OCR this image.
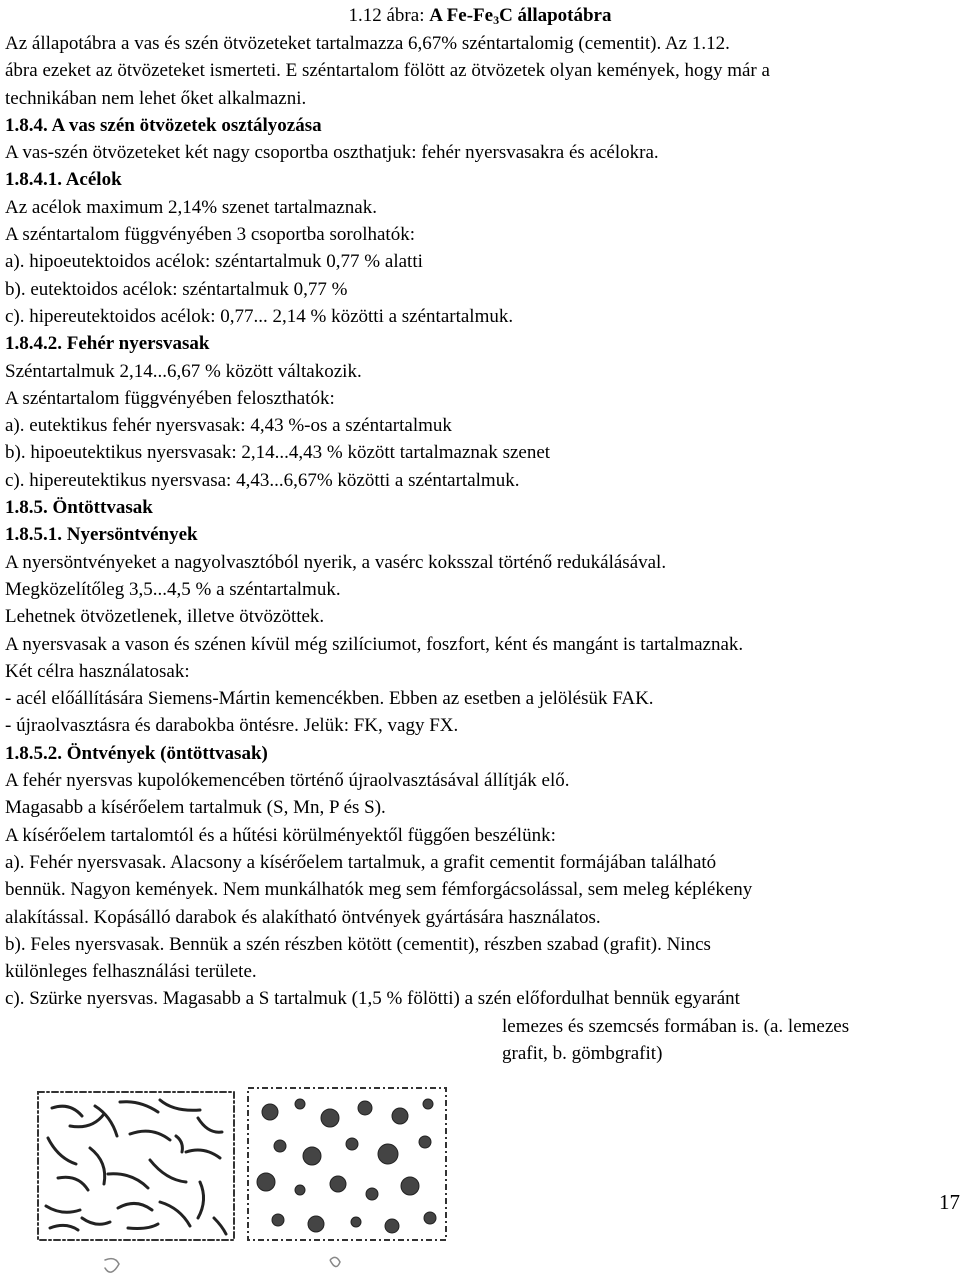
1.12 ábra: A $Fe-Fe_3C$ állapotábra

Az állapotábra a vas és szén ötvözeteket tartalmazza 6,67% széntartalomig (cementit). Az 1.12.

ábra ezeket az ötvözeteket ismerteti. E széntartalom fölött az ötvözetek olyan kemények, hogy már a

technikában nem lehet őket alkalmazni.

1.8.4. A vas szén ötvözetek osztályozása

A vas-szén ötvözeteket két nagy csoportba oszthatjuk: fehér nyersvasakra és acélokra.

1.8.4.1. Acélok

Az acélok maximum 2,14% szenet tartalmaznak.

A széntartalom függvényében 3 csoportba sorolhatók:

a). hipoeutektoidos acélok: széntartalmuk 0,77 % alatti

b). eutektoidos acélok: széntartalmuk 0,77 %

c). hipereutektoidos acélok: 0,77... 2,14 % közötti a széntartalmuk.

1.8.4.2. Fehér nyersvasak

Széntartalmuk 2,14...6,67 % között váltakozik.

A széntartalom függvényében feloszthatók:

a). eutektikus fehér nyersvasak: 4,43 %-os a széntartalmuk

b). hipoeutektikus nyersvasak: 2,14...4,43 % között tartalmaznak szenet

c). hipereutektikus nyersvasa: 4,43...6,67% közötti a széntartalmuk.

1.8.5. Öntöttvasak

1.8.5.1. Nyersöntvények

A nyersöntvényeket a nagyolvasztóból nyerik, a vasérc koksszal történő redukálásával.

Megközelítőleg 3,5...4,5 % a széntartalmuk.

Lehetnek ötvözetlenek, illetve ötvözöttek.

A nyersvasak a vason és szénen kívül még szilíciumot, foszfort, ként és mangánt is tartalmaznak.

Két célra használatosak:

- acél előállítására Siemens-Mártin kemencékben. Ebben az esetben a jelölésük FAK.

- újraolvasztásra és darabokba öntésre. Jelük: FK, vagy FX.

1.8.5.2. Öntvények (öntöttvasak)

A fehér nyersvas kupolókemencében történő újraolvasztásával állítják elő.

Magasabb a kísérőelem tartalmuk (S, Mn, P és S).

A kísérőelem tartalomtól és a hűtési körülményektől függően beszélünk:

a). Fehér nyersvasak. Alacsony a kísérőelem tartalmuk, a grafit cementit formájában található

bennük. Nagyon kemények. Nem munkálhatók meg sem fémforgácsolással, sem meleg képlékeny

alakítással. Kopásálló darabok és alakítható öntvények gyártására használatos.

b). Feles nyersvasak. Bennük a szén részben kötött (cementit), részben szabad (grafit). Nincs

különleges felhasználási területe.

c). Szürke nyersvas. Magasabb a S tartalmuk (1,5 % fölötti) a szén előfordulhat bennük egyaránt

lemezes és szemcsés formában is. (a. lemezes

grafit, b. gömbgrafit)

17
